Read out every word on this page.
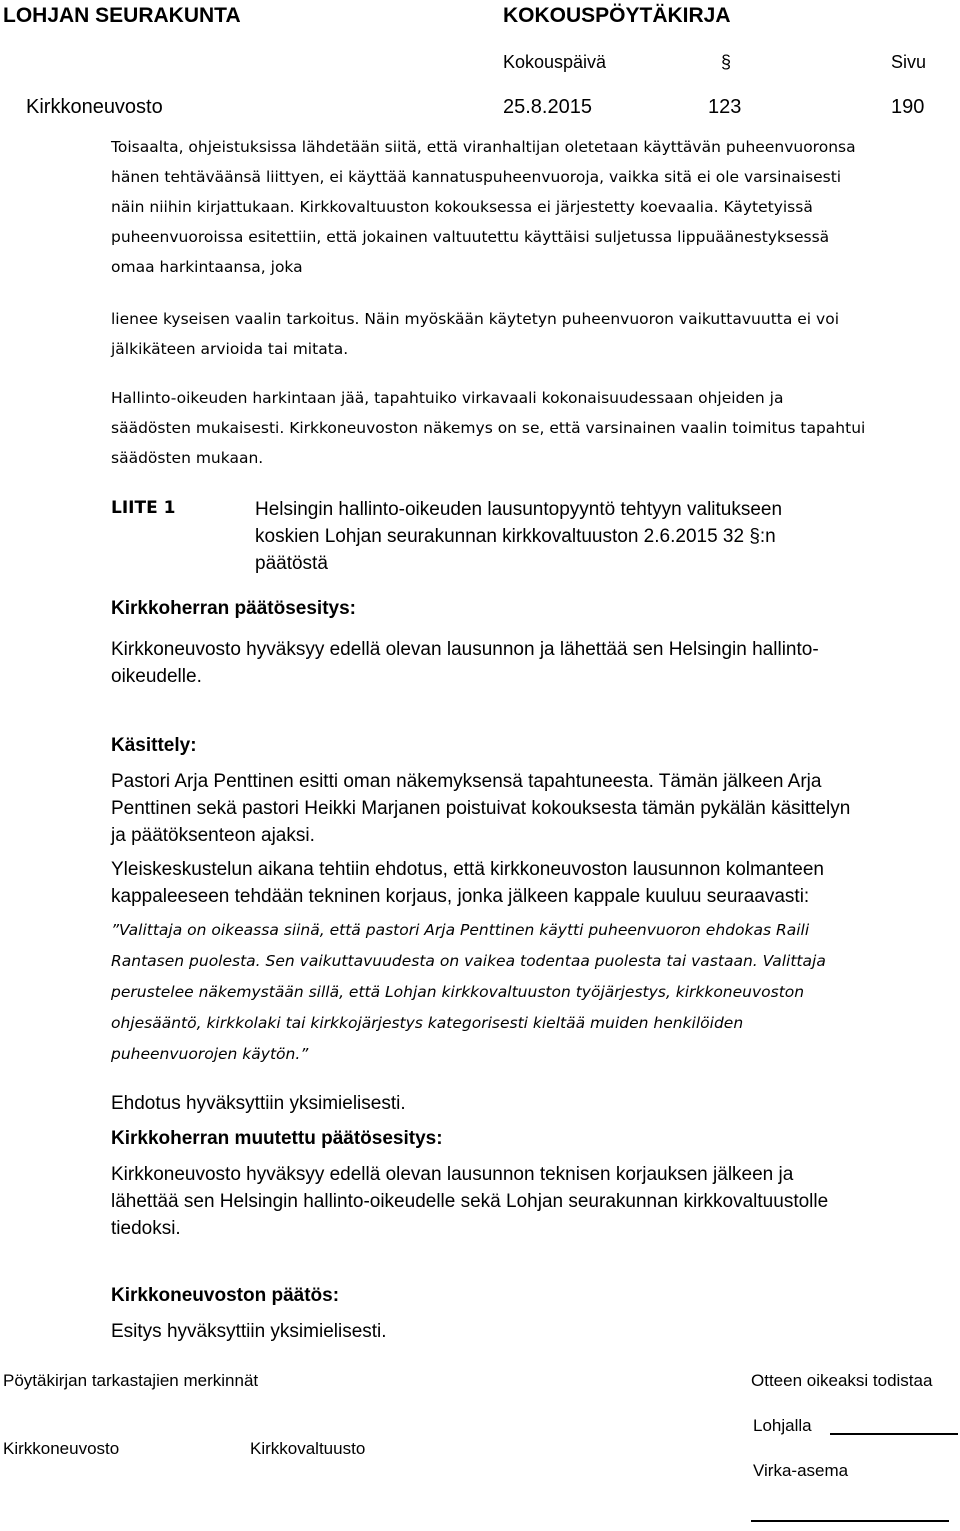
LOHJAN SEURAKUNTA	KOKOUSPÖYTÄKIRJA
Kokouspäivä	§	Sivu
Kirkkoneuvosto	25.8.2015	123	190
Toisaalta, ohjeistuksissa lähdetään siitä, että viranhaltijan oletetaan käyttävän puheenvuoronsa
hänen tehtäväänsä liittyen, ei käyttää kannatuspuheenvuoroja, vaikka sitä ei ole varsinaisesti
näin niihin kirjattukaan. Kirkkovaltuuston kokouksessa ei järjestetty koevaalia. Käytetyissä
puheenvuoroissa esitettiin, että jokainen valtuutettu käyttäisi suljetussa lippuäänestyksessä
omaa harkintaansa, joka
lienee kyseisen vaalin tarkoitus. Näin myöskään käytetyn puheenvuoron vaikuttavuutta ei voi
jälkikäteen arvioida tai mitata.
Hallinto-oikeuden harkintaan jää, tapahtuiko virkavaali kokonaisuudessaan ohjeiden ja
säädösten mukaisesti. Kirkkoneuvoston näkemys on se, että varsinainen vaalin toimitus tapahtui
säädösten mukaan.
LIITE 1	Helsingin hallinto-oikeuden lausuntopyyntö tehtyyn valitukseen
koskien Lohjan seurakunnan kirkkovaltuuston 2.6.2015 32 §:n
päätöstä
Kirkkoherran päätösesitys:
Kirkkoneuvosto hyväksyy edellä olevan lausunnon ja lähettää sen Helsingin hallinto-
oikeudelle.
Käsittely:
Pastori Arja Penttinen esitti oman näkemyksensä tapahtuneesta. Tämän jälkeen Arja
Penttinen sekä pastori Heikki Marjanen poistuivat kokouksesta tämän pykälän käsittelyn
ja päätöksenteon ajaksi.
Yleiskeskustelun aikana tehtiin ehdotus, että kirkkoneuvoston lausunnon kolmanteen
kappaleeseen tehdään tekninen korjaus, jonka jälkeen kappale kuuluu seuraavasti:
”Valittaja on oikeassa siinä, että pastori Arja Penttinen käytti puheenvuoron ehdokas Raili
Rantasen puolesta. Sen vaikuttavuudesta on vaikea todentaa puolesta tai vastaan. Valittaja
perustelee näkemystään sillä, että Lohjan kirkkovaltuuston työjärjestys, kirkkoneuvoston
ohjesääntö, kirkkolaki tai kirkkojärjestys kategorisesti kieltää muiden henkilöiden
puheenvuorojen käytön.”
Ehdotus hyväksyttiin yksimielisesti.
Kirkkoherran muutettu päätösesitys:
Kirkkoneuvosto hyväksyy edellä olevan lausunnon teknisen korjauksen jälkeen ja
lähettää sen Helsingin hallinto-oikeudelle sekä Lohjan seurakunnan kirkkovaltuustolle
tiedoksi.
Kirkkoneuvoston päätös:
Esitys hyväksyttiin yksimielisesti.
Pöytäkirjan tarkastajien merkinnät	Otteen oikeaksi todistaa
Kirkkoneuvosto	Kirkkovaltuusto
Lohjalla
Virka-asema
